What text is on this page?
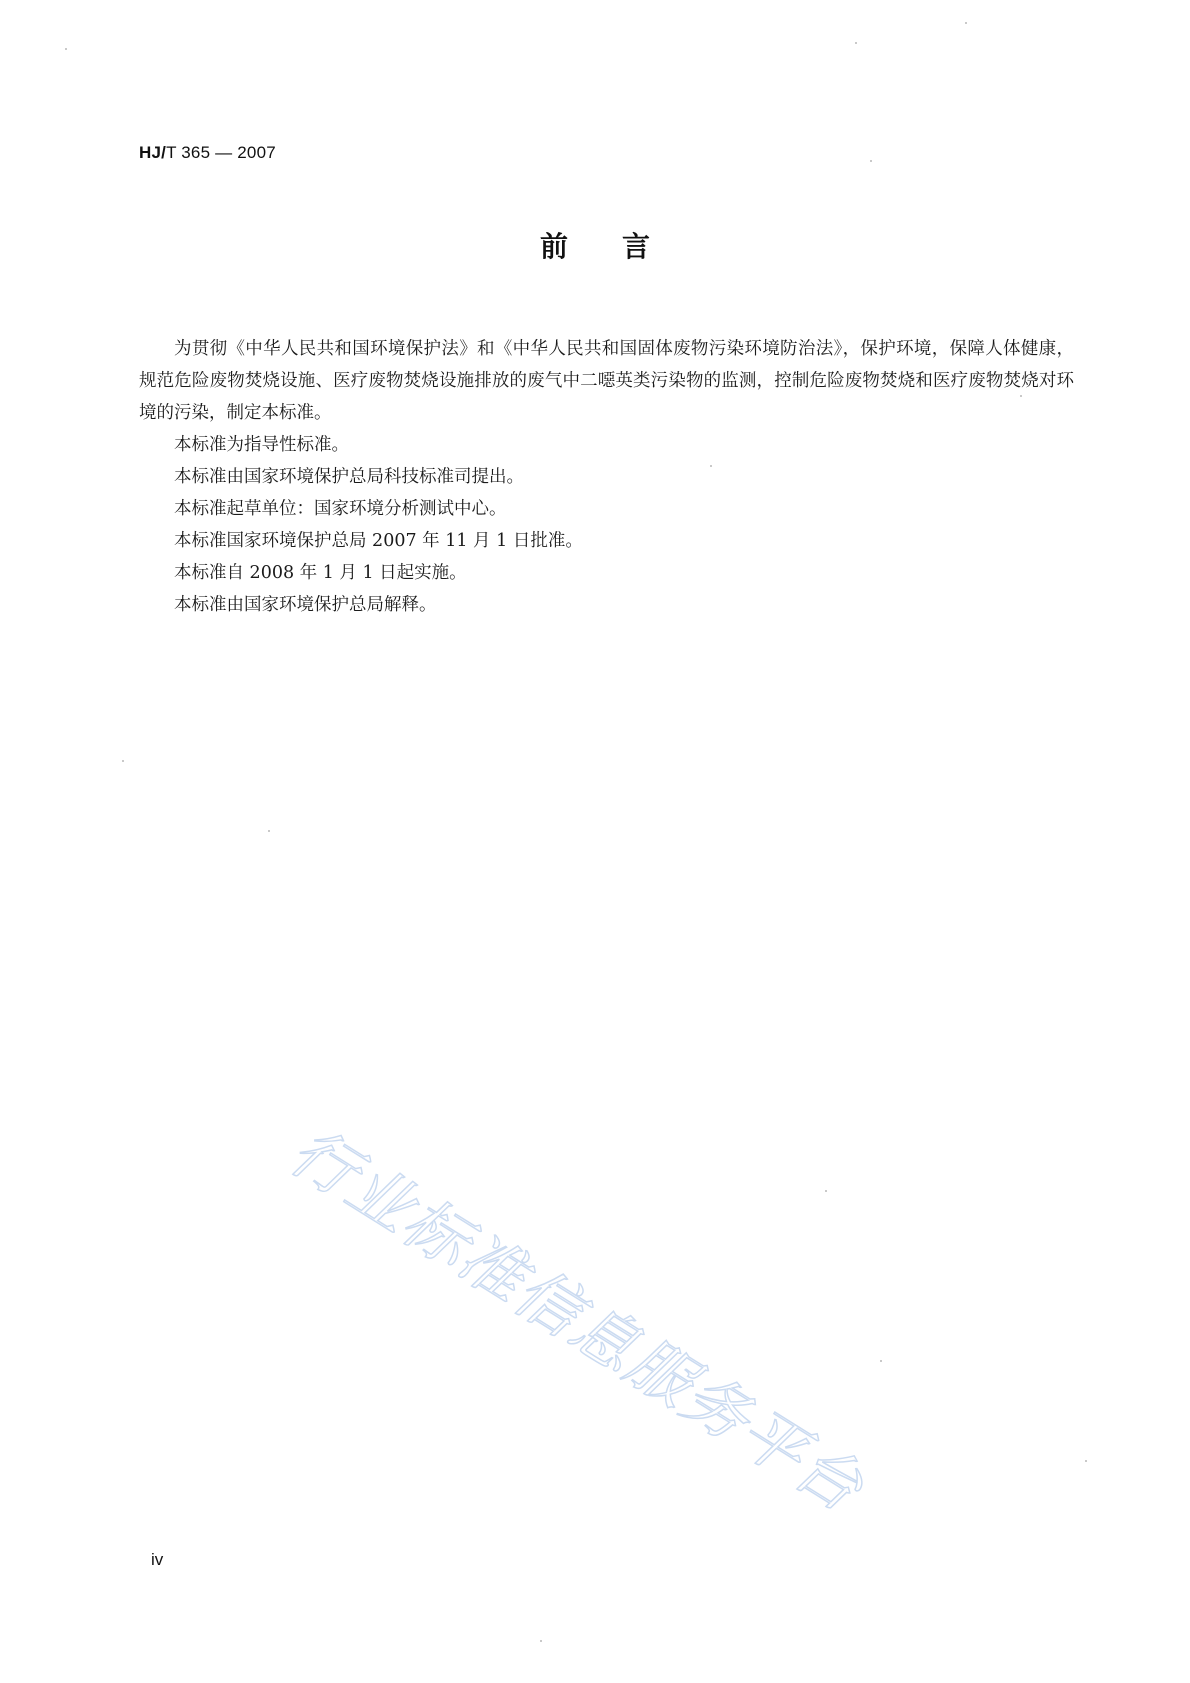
HJ/T 365 — 2007
前言

为贯彻《中华人民共和国环境保护法》和《中华人民共和国固体废物污染环境防治法》，保护环境，保障人体健康，规范危险废物焚烧设施、医疗废物焚烧设施排放的废气中二噁英类污染物的监测，控制危险废物焚烧和医疗废物焚烧对环境的污染，制定本标准。

本标准为指导性标准。

本标准由国家环境保护总局科技标准司提出。

本标准起草单位：国家环境分析测试中心。

本标准国家环境保护总局 2007 年 11 月 1 日批准。

本标准自 2008 年 1 月 1 日起实施。

本标准由国家环境保护总局解释。

行业标准信息服务平台
iv
